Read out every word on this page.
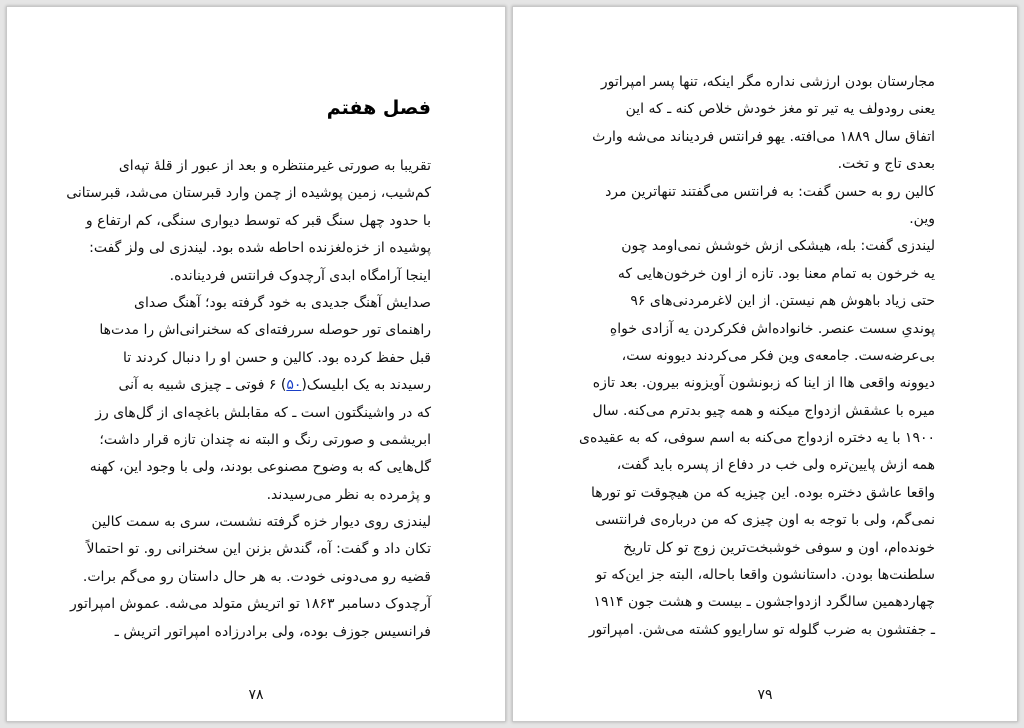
فصل هفتم
تقریبا به صورتی غیرمنتظره و بعد از عبور از قلۀ تپه‌ای
کم‌شیب، زمین پوشیده از چمن وارد قبرستان می‌شد، قبرستانی
با حدود چهل سنگ قبر که توسط دیواری سنگی، کم ارتفاع و
پوشیده از خزه‌لغزنده احاطه شده بود. لیندزی لی ولز گفت:
اینجا آرامگاه ابدی آرچدوک فرانتس فردیناند‌ه.
صدایش آهنگ جدیدی به خود گرفته بود؛ آهنگ صدای
راهنمای تور حوصله سررفته‌ای که سخنرانی‌اش را مدت‌ها
قبل حفظ کرده بود. کالین و حسن او را دنبال کردند تا
رسیدند به یک ابلیسک(۵۰) ۶ فوتی ـ چیزی شبیه به آنی
که در واشینگتون است ـ که مقابلش باغچه‌ای از گل‌های رز
ابریشمی و صورتی رنگ و البته نه چندان تازه قرار داشت؛
گل‌هایی که به وضوح مصنوعی بودند، ولی با وجود این، کهنه
و پژمرده به نظر می‌رسیدند.
لیندزی روی دیوار خزه گرفته نشست، سری به سمت کالین
تکان داد و گفت: آه، گندش بزنن این سخنرانی رو. تو احتمالاً
قضیه رو می‌دونی خودت. به هر حال داستان رو می‌گم برات.
آرچدوک دسامبر ۱۸۶۳ تو اتریش متولد می‌شه. عموش امپراتور
فرانسیس جوزف بوده، ولی برادرزاده امپراتور اتریش ـ
۷۸
مجارستان بودن ارزشی نداره مگر اینکه، تنها پسر امپراتور
یعنی رودولف یه تیر تو مغز خودش خلاص کنه ـ که این
اتفاق سال ۱۸۸۹ می‌افته. یهو فرانتس فردیناند می‌شه وارث
بعدی تاج و تخت.
کالین رو به حسن گفت: به فرانتس می‌گفتند تنهاترین مرد
وین.
لیندزی گفت: بله، هیشکی ازش خوشش نمی‌اومد چون
یه خرخون به تمام معنا بود. تازه از اون خرخون‌هایی که
حتی زیاد باهوش هم نیستن. از این لاغرمردنی‌های ۹۶
پوندیِ سست عنصر. خانواده‌اش فکرکردن یه آزادی خواهِ
بی‌عرضه‌ست. جامعه‌ی وین فکر می‌کردند دیوونه ست،
دیوونه واقعی هاا از اینا که زبونشون آویزونه بیرون. بعد تازه
میره با عشقش ازدواج میکنه و همه چیو بدترم می‌کنه. سال
۱۹۰۰ با یه دختره ازدواج می‌کنه به اسم سوفی، که به عقیده‌ی
همه ازش پایین‌تره ولی خب در دفاع از پسره باید گفت،
واقعا عاشق دختره بوده. این چیزیه که من هیچوقت تو تورها
نمی‌گم، ولی با توجه به اون چیزی که من درباره‌ی فرانتسی
خونده‌ام، اون و سوفی خوشبخت‌ترین زوج تو کل تاریخ
سلطنت‌ها بودن. داستانشون واقعا باحاله، البته جز این‌که تو
چهاردهمین سالگرد ازدواجشون ـ بیست و هشت جون ۱۹۱۴
ـ جفتشون به ضرب گلوله تو سارایوو کشته می‌شن. امپراتور
۷۹
